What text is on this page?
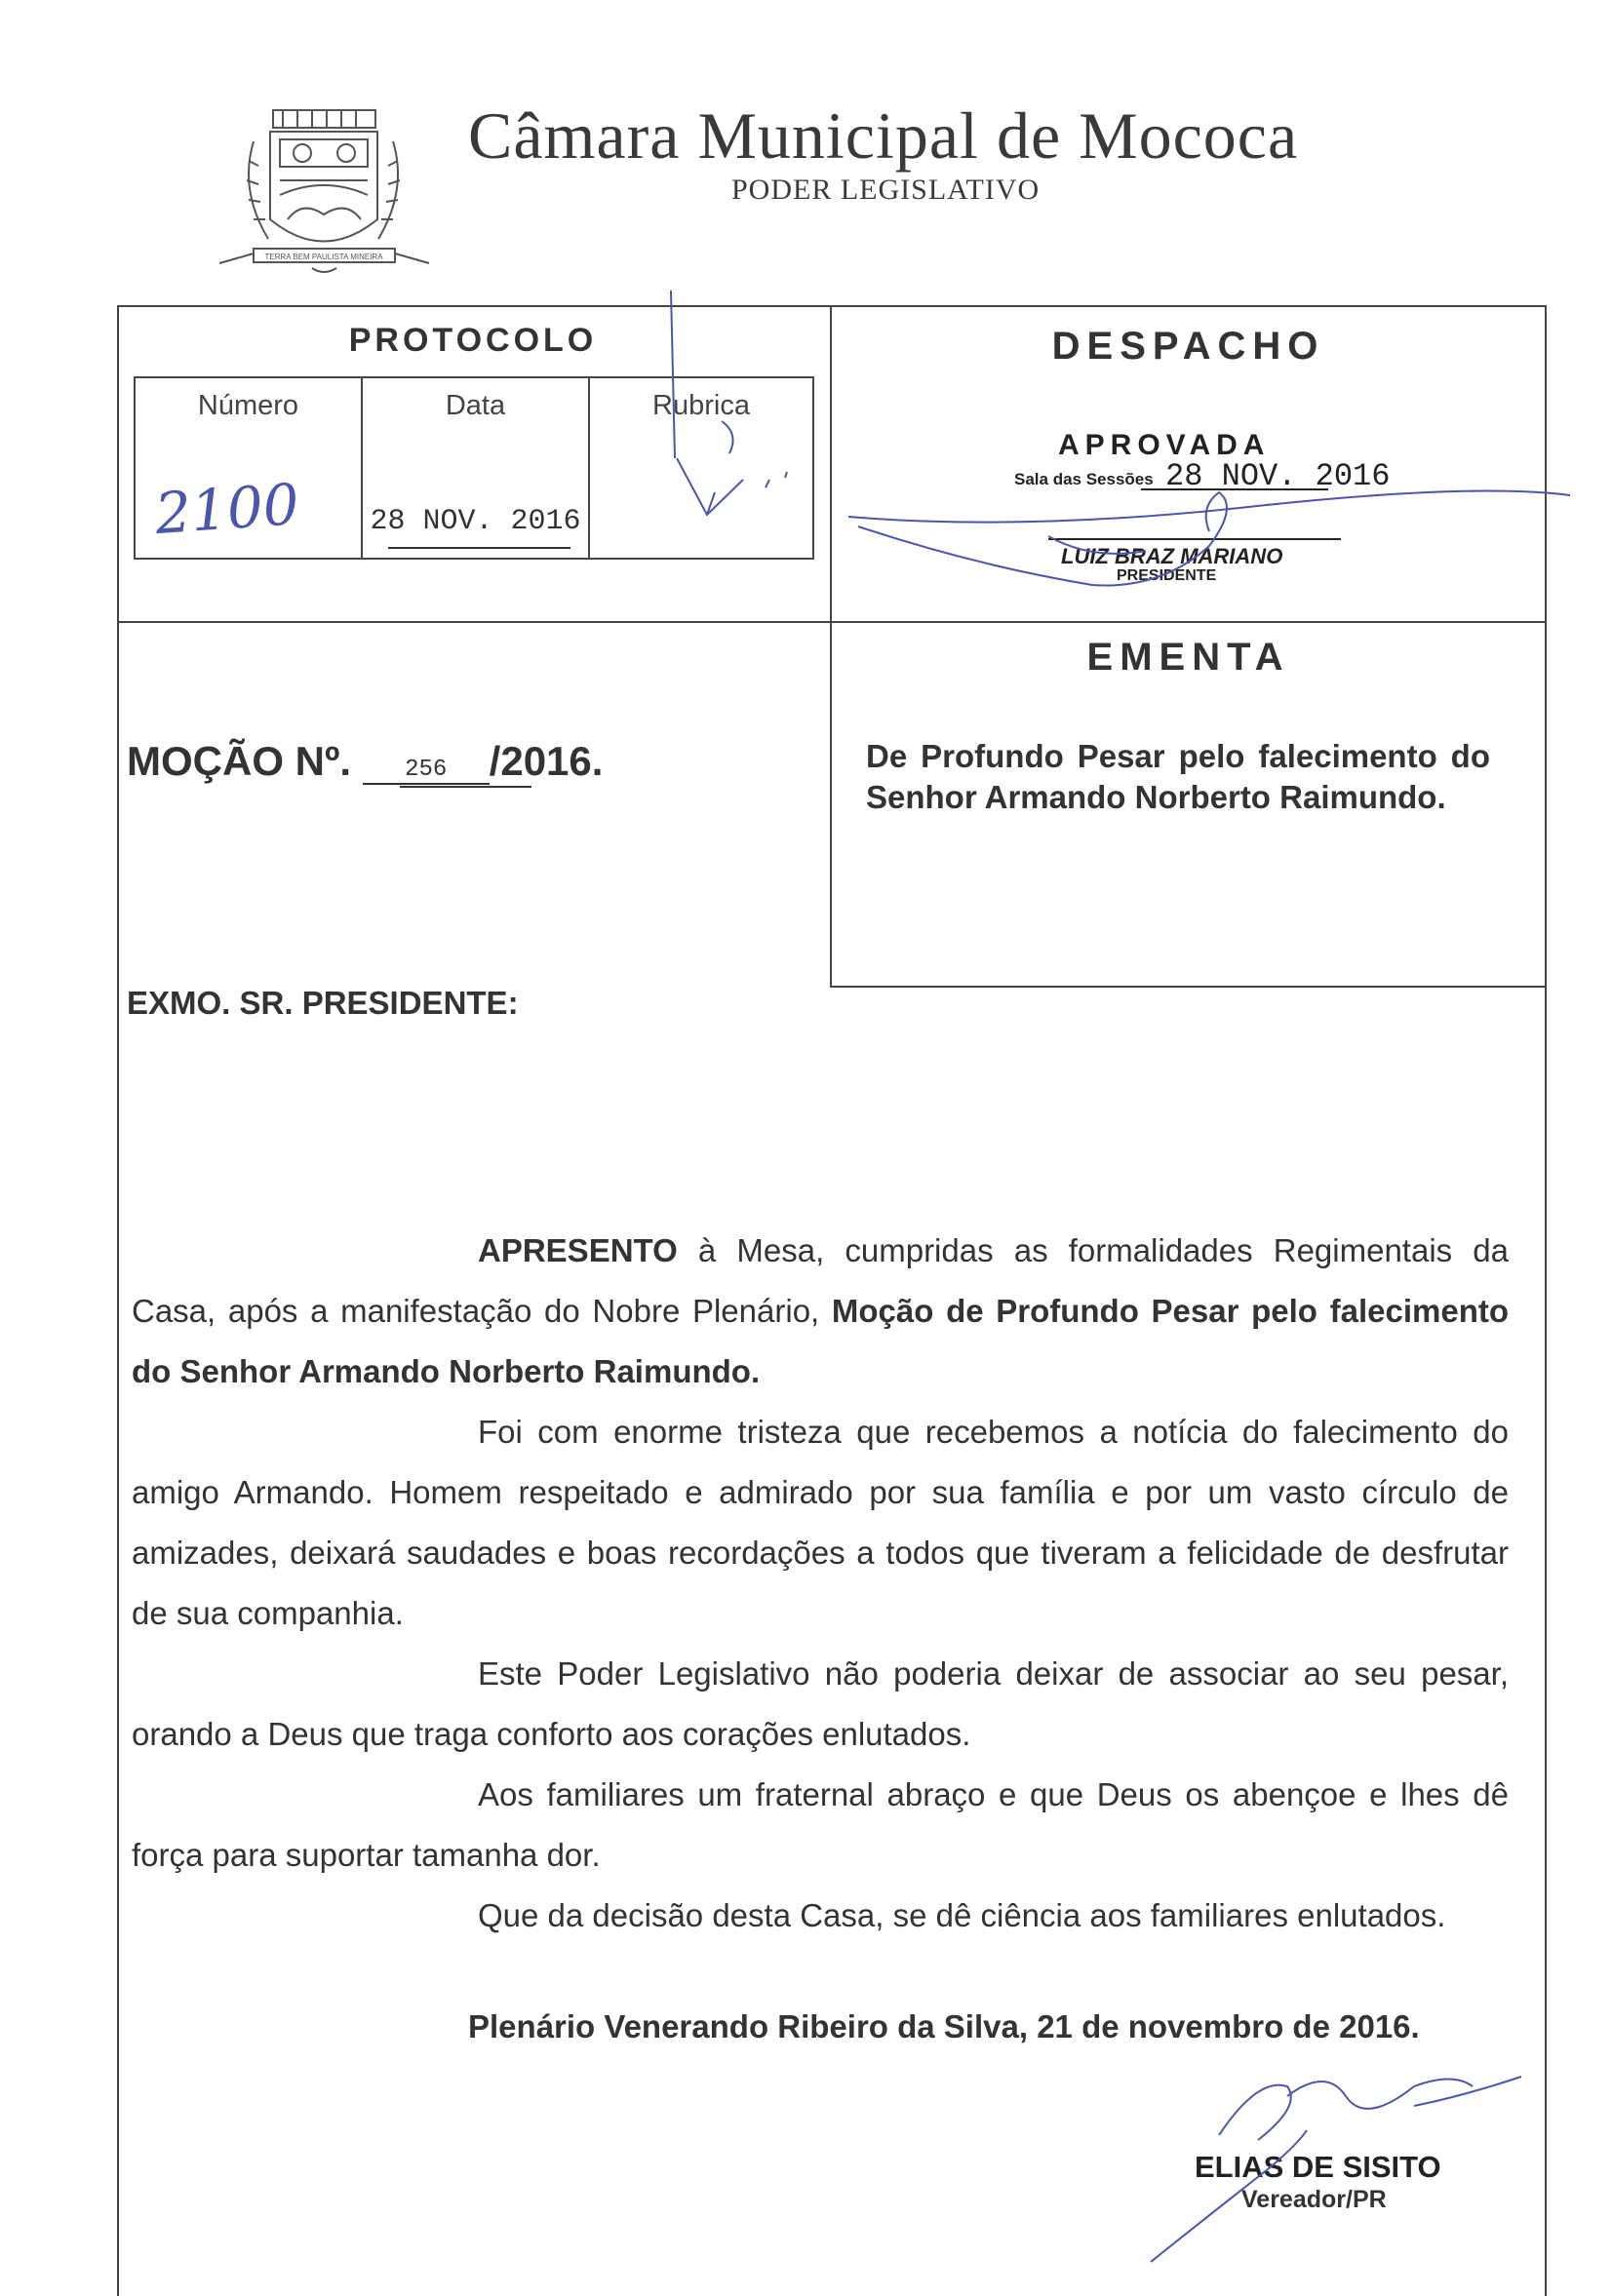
TERRA BEM PAULISTA MINEIRA
Câmara Municipal de Mococa
PODER LEGISLATIVO
PROTOCOLO
Número
2100
Data
28 NOV. 2016
Rubrica
DESPACHO
APROVADA
Sala das Sessões 28 NOV. 2016
LUIZ BRAZ MARIANO
PRESIDENTE
EMENTA
De Profundo Pesar pelo falecimento do Senhor Armando Norberto Raimundo.
MOÇÃO Nº. 256 /2016.
EXMO. SR. PRESIDENTE:

APRESENTO à Mesa, cumpridas as formalidades Regimentais da Casa, após a manifestação do Nobre Plenário, Moção de Profundo Pesar pelo falecimento do Senhor Armando Norberto Raimundo.

Foi com enorme tristeza que recebemos a notícia do falecimento do amigo Armando. Homem respeitado e admirado por sua família e por um vasto círculo de amizades, deixará saudades e boas recordações a todos que tiveram a felicidade de desfrutar de sua companhia.

Este Poder Legislativo não poderia deixar de associar ao seu pesar, orando a Deus que traga conforto aos corações enlutados.

Aos familiares um fraternal abraço e que Deus os abençoe e lhes dê força para suportar tamanha dor.

Que da decisão desta Casa, se dê ciência aos familiares enlutados.

Plenário Venerando Ribeiro da Silva, 21 de novembro de 2016.
ELIAS DE SISITO
Vereador/PR
